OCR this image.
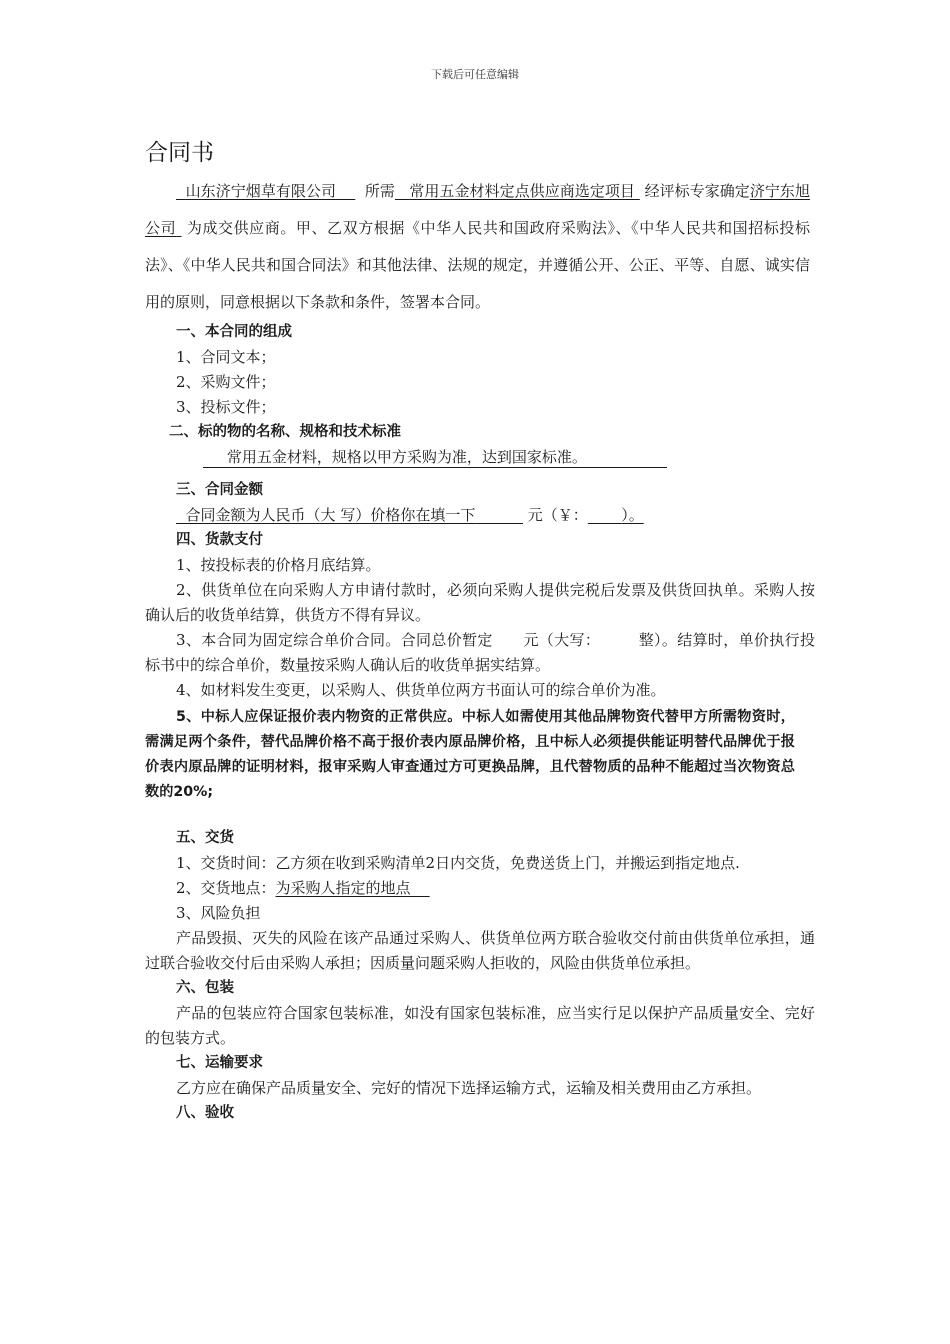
下载后可任意编辑
合同书
山东济宁烟草有限公司 所需 常用五金材料定点供应商选定项目 经评标专家确定济宁东旭公司 为成交供应商。甲、乙双方根据《中华人民共和国政府采购法》、《中华人民共和国招标投标法》、《中华人民共和国合同法》和其他法律、法规的规定，并遵循公开、公正、平等、自愿、诚实信用的原则，同意根据以下条款和条件，签署本合同。
一、本合同的组成
1、合同文本；
2、采购文件；
3、投标文件；
二、标的物的名称、规格和技术标准
常用五金材料，规格以甲方采购为准，达到国家标准。
三、合同金额
合同金额为人民币（大 写）价格你在填一下	元（￥： ）。
四、货款支付
1、按投标表的价格月底结算。
2、供货单位在向采购人方申请付款时，必须向采购人提供完税后发票及供货回执单。采购人按确认后的收货单结算，供货方不得有异议。
3、本合同为固定综合单价合同。合同总价暂定　　元（大写：　　　整）。结算时，单价执行投标书中的综合单价，数量按采购人确认后的收货单据实结算。
4、如材料发生变更，以采购人、供货单位两方书面认可的综合单价为准。
5、中标人应保证报价表内物资的正常供应。中标人如需使用其他品牌物资代替甲方所需物资时，需满足两个条件，替代品牌价格不高于报价表内原品牌价格，且中标人必须提供能证明替代品牌优于报价表内原品牌的证明材料，报审采购人审查通过方可更换品牌，且代替物质的品种不能超过当次物资总数的20%;
五、交货
1、交货时间：乙方须在收到采购清单2日内交货，免费送货上门，并搬运到指定地点.
2、交货地点：为采购人指定的地点
3、风险负担
产品毁损、灭失的风险在该产品通过采购人、供货单位两方联合验收交付前由供货单位承担，通过联合验收交付后由采购人承担；因质量问题采购人拒收的，风险由供货单位承担。
六、包装
产品的包装应符合国家包装标准，如没有国家包装标准，应当实行足以保护产品质量安全、完好的包装方式。
七、运输要求
乙方应在确保产品质量安全、完好的情况下选择运输方式，运输及相关费用由乙方承担。
八、验收
